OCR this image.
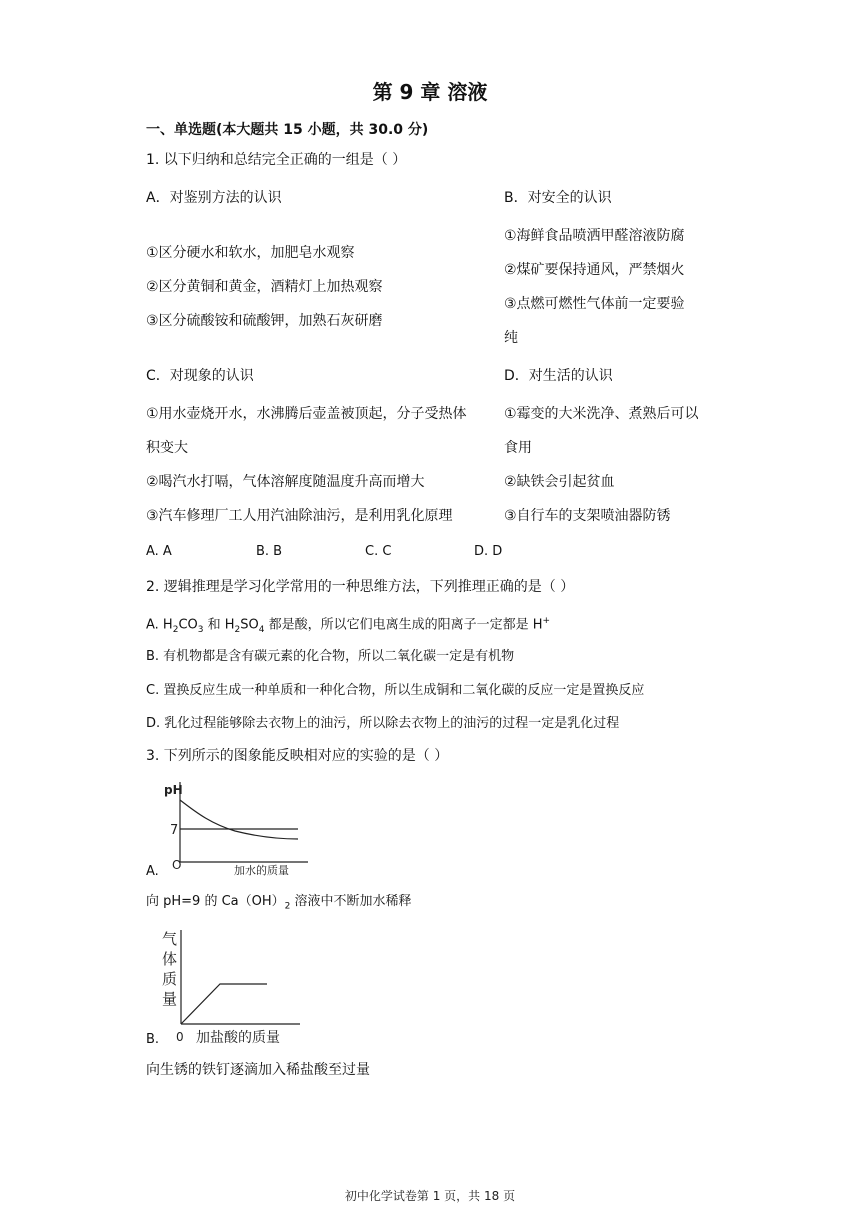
第 9 章 溶液
一、单选题(本大题共 15 小题，共 30.0 分)
1. 以下归纳和总结完全正确的一组是（ ）
A．对鉴别方法的认识
①区分硬水和软水，加肥皂水观察
②区分黄铜和黄金，酒精灯上加热观察
③区分硫酸铵和硫酸钾，加熟石灰研磨
B．对安全的认识
①海鲜食品喷洒甲醛溶液防腐
②煤矿要保持通风，严禁烟火
③点燃可燃性气体前一定要验
纯
C．对现象的认识
①用水壶烧开水，水沸腾后壶盖被顶起，分子受热体
积变大
②喝汽水打嗝，气体溶解度随温度升高而增大
③汽车修理厂工人用汽油除油污，是利用乳化原理
D．对生活的认识
①霉变的大米洗净、煮熟后可以
食用
②缺铁会引起贫血
③自行车的支架喷油器防锈
A. A	B. B	C. C	D. D
2. 逻辑推理是学习化学常用的一种思维方法，下列推理正确的是（ ）
A. $H_2CO_3$ 和 $H_2SO_4$ 都是酸，所以它们电离生成的阳离子一定都是 H+
B. 有机物都是含有碳元素的化合物，所以二氧化碳一定是有机物
C. 置换反应生成一种单质和一种化合物，所以生成铜和二氧化碳的反应一定是置换反应
D. 乳化过程能够除去衣物上的油污，所以除去衣物上的油污的过程一定是乳化过程
3. 下列所示的图象能反映相对应的实验的是（ ）
pH
7
O	加水的质量
A.
向 pH=9 的 $Ca(OH)_2$ 溶液中不断加水稀释
气
体
质
量
0 加盐酸的质量
B.
向生锈的铁钉逐滴加入稀盐酸至过量
初中化学试卷第 1 页，共 18 页
